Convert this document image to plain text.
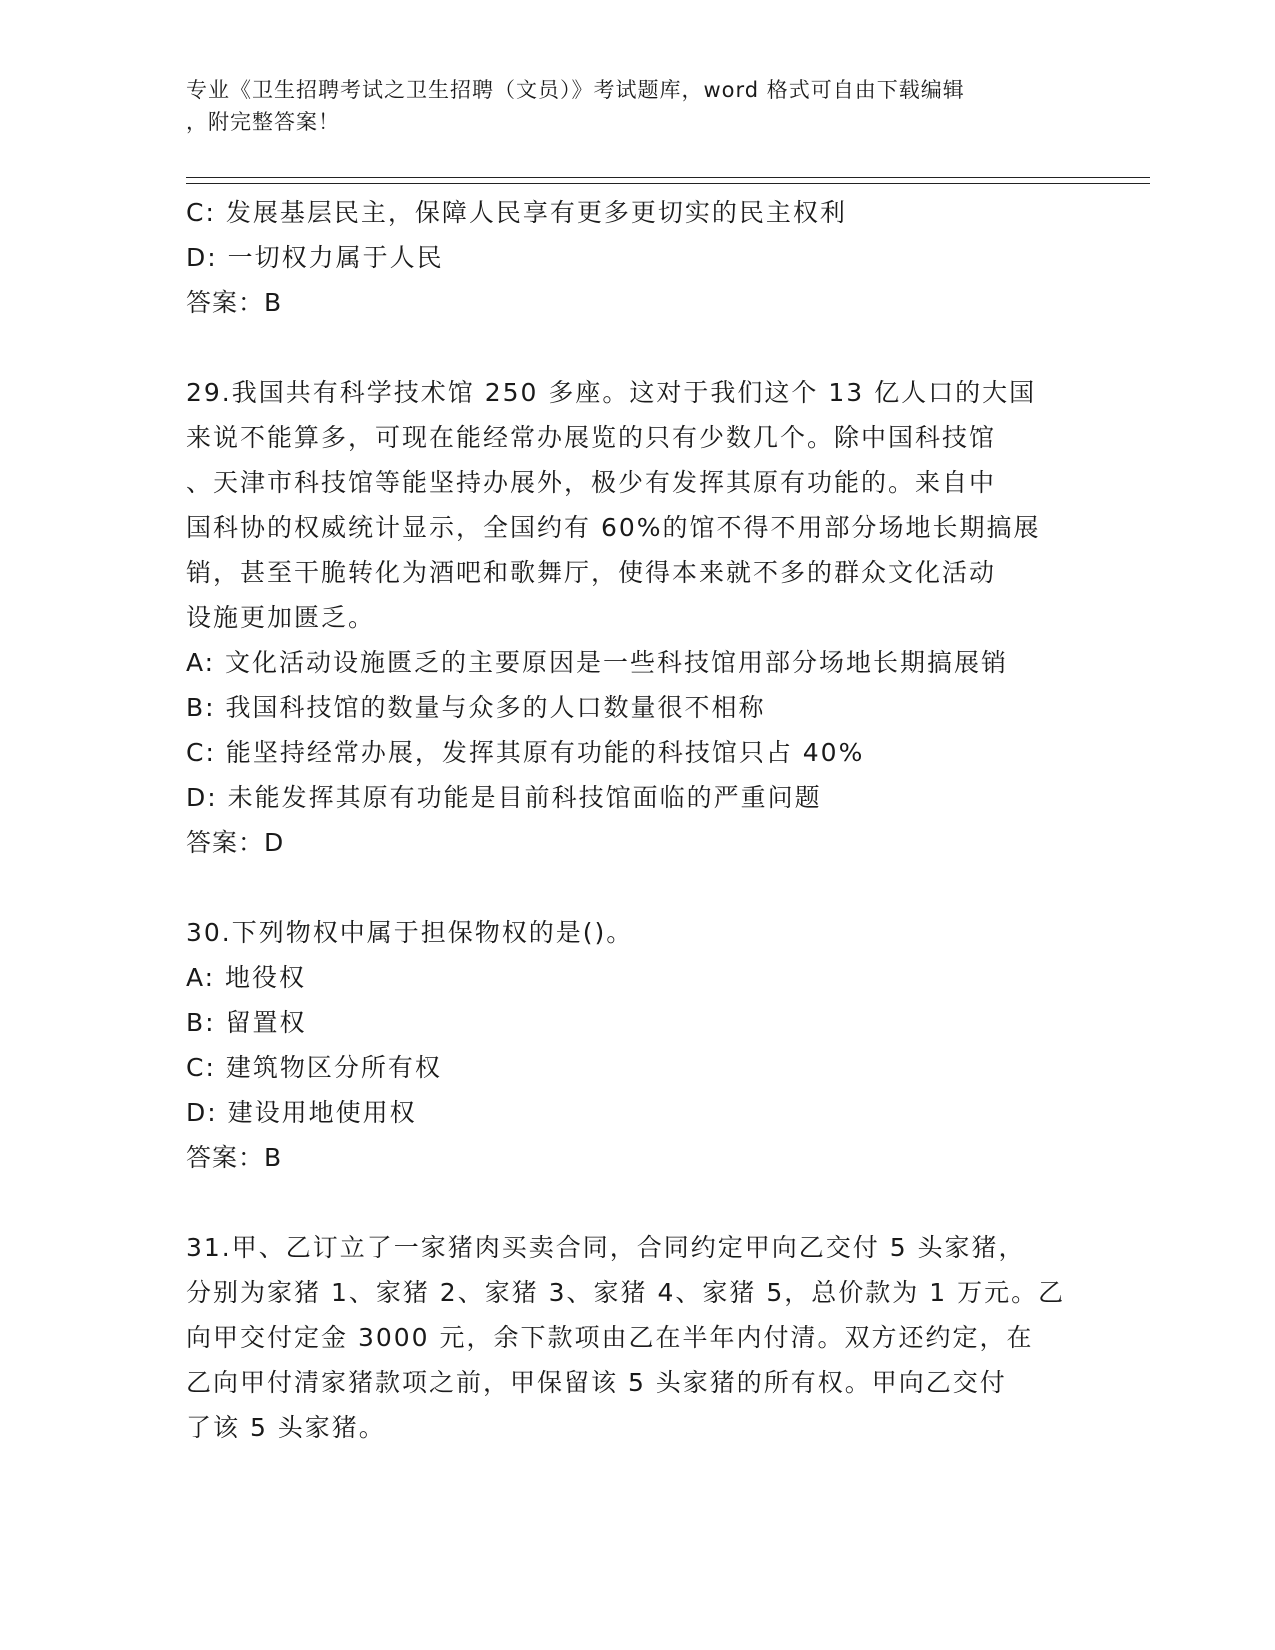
专业《卫生招聘考试之卫生招聘（文员）》考试题库，word 格式可自由下载编辑
，附完整答案！

C: 发展基层民主，保障人民享有更多更切实的民主权利

D: 一切权力属于人民

答案：B

29.我国共有科学技术馆 250 多座。这对于我们这个 13 亿人口的大国

来说不能算多，可现在能经常办展览的只有少数几个。除中国科技馆

、天津市科技馆等能坚持办展外，极少有发挥其原有功能的。来自中

国科协的权威统计显示，全国约有 60%的馆不得不用部分场地长期搞展

销，甚至干脆转化为酒吧和歌舞厅，使得本来就不多的群众文化活动

设施更加匮乏。

A: 文化活动设施匮乏的主要原因是一些科技馆用部分场地长期搞展销

B: 我国科技馆的数量与众多的人口数量很不相称

C: 能坚持经常办展，发挥其原有功能的科技馆只占 40%

D: 未能发挥其原有功能是目前科技馆面临的严重问题

答案：D

30.下列物权中属于担保物权的是()。

A: 地役权

B: 留置权

C: 建筑物区分所有权

D: 建设用地使用权

答案：B

31.甲、乙订立了一家猪肉买卖合同，合同约定甲向乙交付 5 头家猪，

分别为家猪 1、家猪 2、家猪 3、家猪 4、家猪 5，总价款为 1 万元。乙

向甲交付定金 3000 元，余下款项由乙在半年内付清。双方还约定，在

乙向甲付清家猪款项之前，甲保留该 5 头家猪的所有权。甲向乙交付

了该 5 头家猪。
